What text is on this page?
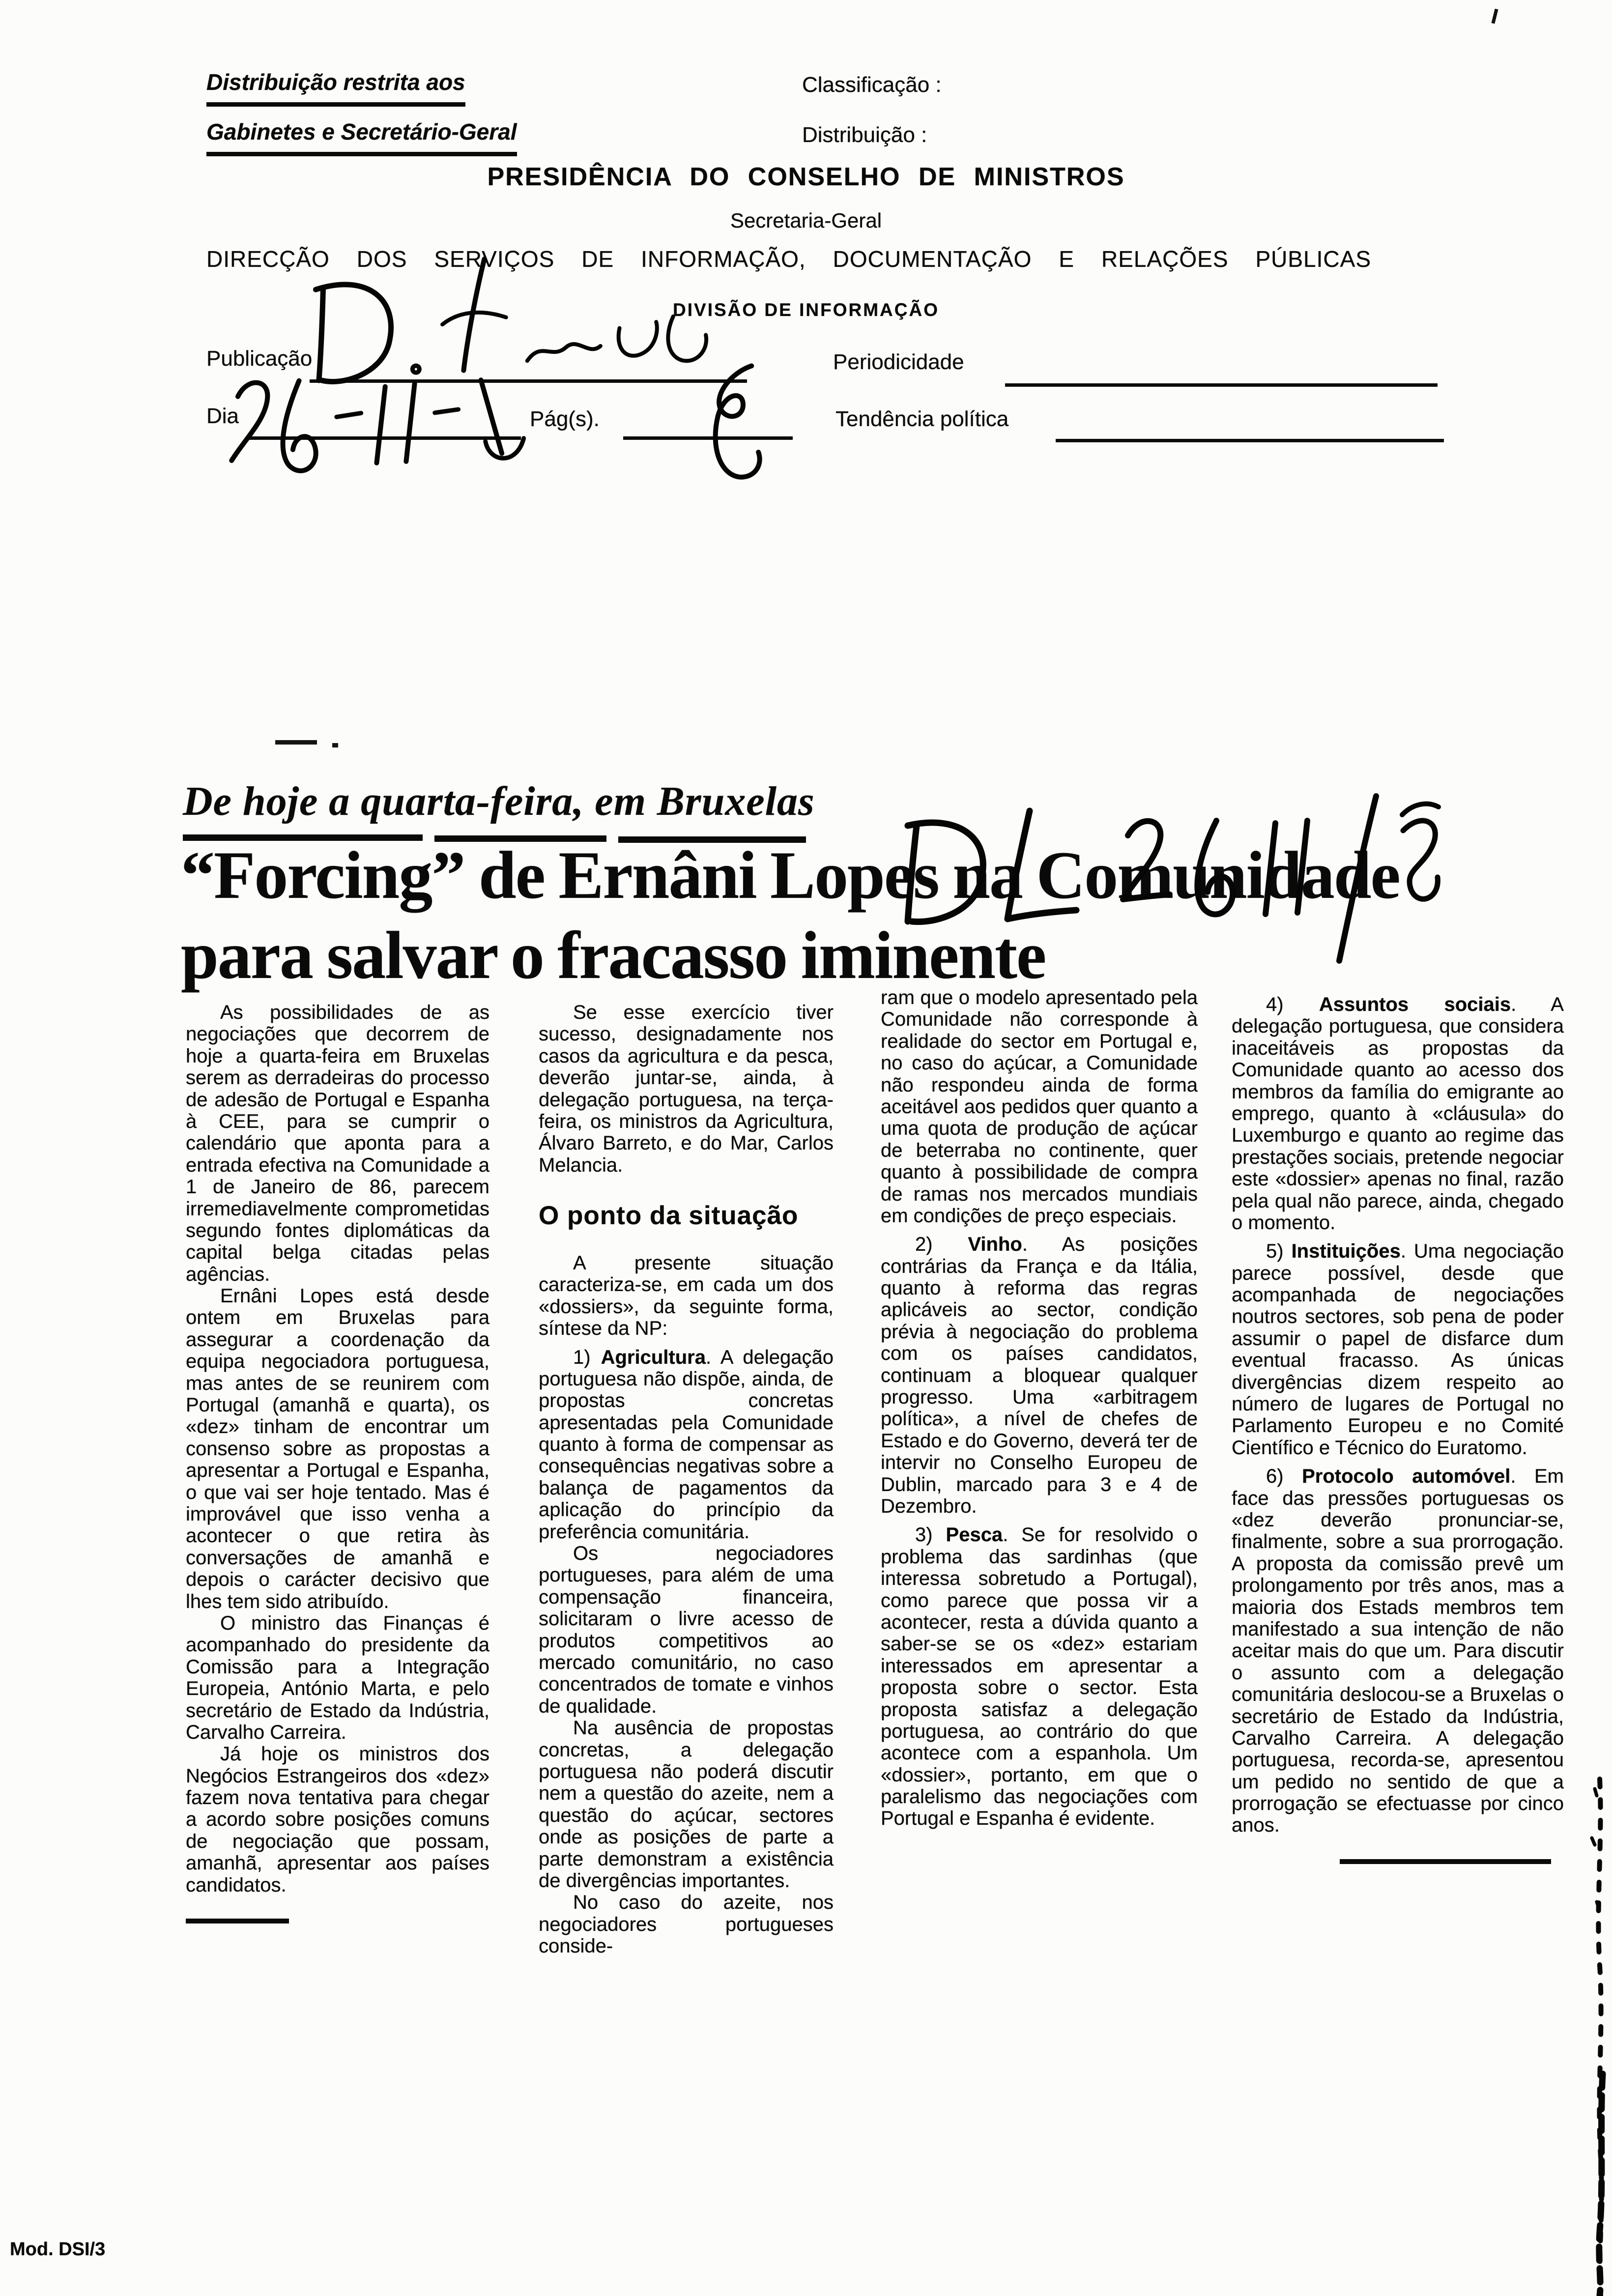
Distribuição restrita aos
Gabinetes e Secretário-Geral
Classificação :
Distribuição :
PRESIDÊNCIA DO CONSELHO DE MINISTROS
Secretaria-Geral
DIRECÇÃO DOS SERVIÇOS DE INFORMAÇÃO, DOCUMENTAÇÃO E RELAÇÕES PÚBLICAS
DIVISÃO DE INFORMAÇÃO
Publicação	Periodicidade
Dia	Pág(s).	Tendência política
De hoje a quarta-feira, em Bruxelas
“Forcing” de Ernâni Lopes na Comunidade
para salvar o fracasso iminente

As possibilidades de as negociações que decorrem de hoje a quarta-feira em Bruxelas serem as derradeiras do processo de adesão de Portugal e Espanha à CEE, para se cumprir o calendário que aponta para a entrada efectiva na Comunidade a 1 de Janeiro de 86, parecem irremediavelmente comprometidas segundo fontes diplomáticas da capital belga citadas pelas agências.

Ernâni Lopes está desde ontem em Bruxelas para assegurar a coordenação da equipa negociadora portuguesa, mas antes de se reunirem com Portugal (amanhã e quarta), os «dez» tinham de encontrar um consenso sobre as propostas a apresentar a Portugal e Espanha, o que vai ser hoje tentado. Mas é improvável que isso venha a acontecer o que retira às conversações de amanhã e depois o carácter decisivo que lhes tem sido atribuído.

O ministro das Finanças é acompanhado do presidente da Comissão para a Integração Europeia, António Marta, e pelo secretário de Estado da Indústria, Carvalho Carreira.

Já hoje os ministros dos Negócios Estrangeiros dos «dez» fazem nova tentativa para chegar a acordo sobre posições comuns de negociação que possam, amanhã, apresentar aos países candidatos.

Se esse exercício tiver sucesso, designadamente nos casos da agricultura e da pesca, deverão juntar-se, ainda, à delegação portuguesa, na terça-feira, os ministros da Agricultura, Álvaro Barreto, e do Mar, Carlos Melancia.

O ponto da situação

A presente situação caracteriza-se, em cada um dos «dossiers», da seguinte forma, síntese da NP:

1) Agricultura. A delegação portuguesa não dispõe, ainda, de propostas concretas apresentadas pela Comunidade quanto à forma de compensar as consequências negativas sobre a balança de pagamentos da aplicação do princípio da preferência comunitária.

Os negociadores portugueses, para além de uma compensação financeira, solicitaram o livre acesso de produtos competitivos ao mercado comunitário, no caso concentrados de tomate e vinhos de qualidade.

Na ausência de propostas concretas, a delegação portuguesa não poderá discutir nem a questão do azeite, nem a questão do açúcar, sectores onde as posições de parte a parte demonstram a existência de divergências importantes.

No caso do azeite, nos negociadores portugueses conside-

ram que o modelo apresentado pela Comunidade não corresponde à realidade do sector em Portugal e, no caso do açúcar, a Comunidade não respondeu ainda de forma aceitável aos pedidos quer quanto a uma quota de produção de açúcar de beterraba no continente, quer quanto à possibilidade de compra de ramas nos mercados mundiais em condições de preço especiais.

2) Vinho. As posições contrárias da França e da Itália, quanto à reforma das regras aplicáveis ao sector, condição prévia à negociação do problema com os países candidatos, continuam a bloquear qualquer progresso. Uma «arbitragem política», a nível de chefes de Estado e do Governo, deverá ter de intervir no Conselho Europeu de Dublin, marcado para 3 e 4 de Dezembro.

3) Pesca. Se for resolvido o problema das sardinhas (que interessa sobretudo a Portugal), como parece que possa vir a acontecer, resta a dúvida quanto a saber-se se os «dez» estariam interessados em apresentar a proposta sobre o sector. Esta proposta satisfaz a delegação portuguesa, ao contrário do que acontece com a espanhola. Um «dossier», portanto, em que o paralelismo das negociações com Portugal e Espanha é evidente.

4) Assuntos sociais. A delegação portuguesa, que considera inaceitáveis as propostas da Comunidade quanto ao acesso dos membros da família do emigrante ao emprego, quanto à «cláusula» do Luxemburgo e quanto ao regime das prestações sociais, pretende negociar este «dossier» apenas no final, razão pela qual não parece, ainda, chegado o momento.

5) Instituições. Uma negociação parece possível, desde que acompanhada de negociações noutros sectores, sob pena de poder assumir o papel de disfarce dum eventual fracasso. As únicas divergências dizem respeito ao número de lugares de Portugal no Parlamento Europeu e no Comité Científico e Técnico do Euratomo.

6) Protocolo automóvel. Em face das pressões portuguesas os «dez deverão pronunciar-se, finalmente, sobre a sua prorrogação. A proposta da comissão prevê um prolongamento por três anos, mas a maioria dos Estads membros tem manifestado a sua intenção de não aceitar mais do que um. Para discutir o assunto com a delegação comunitária deslocou-se a Bruxelas o secretário de Estado da Indústria, Carvalho Carreira. A delegação portuguesa, recorda-se, apresentou um pedido no sentido de que a prorrogação se efectuasse por cinco anos.

Mod. DSI/3
